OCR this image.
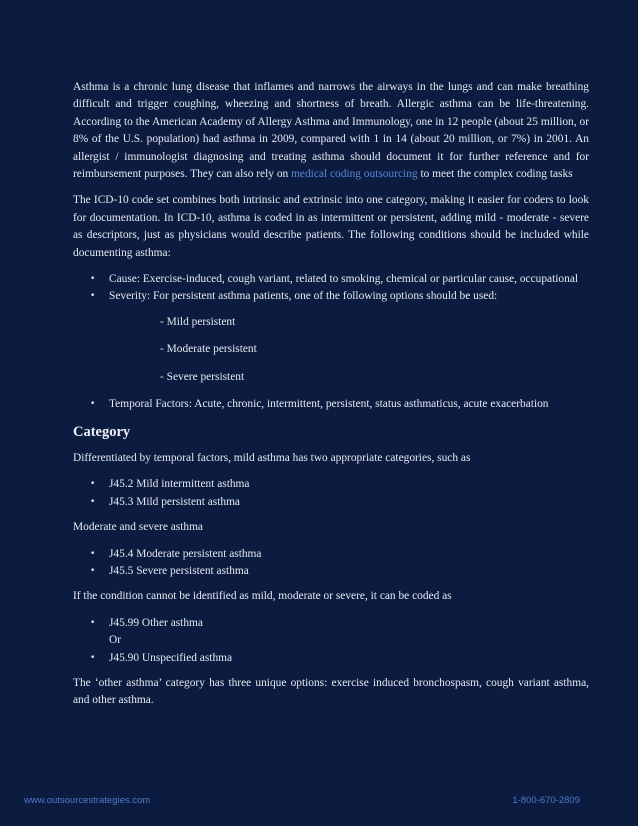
Asthma is a chronic lung disease that inflames and narrows the airways in the lungs and can make breathing difficult and trigger coughing, wheezing and shortness of breath. Allergic asthma can be life-threatening. According to the American Academy of Allergy Asthma and Immunology, one in 12 people (about 25 million, or 8% of the U.S. population) had asthma in 2009, compared with 1 in 14 (about 20 million, or 7%) in 2001. An allergist / immunologist diagnosing and treating asthma should document it for further reference and for reimbursement purposes. They can also rely on medical coding outsourcing to meet the complex coding tasks

The ICD-10 code set combines both intrinsic and extrinsic into one category, making it easier for coders to look for documentation. In ICD-10, asthma is coded in as intermittent or persistent, adding mild - moderate - severe as descriptors, just as physicians would describe patients. The following conditions should be included while documenting asthma:

• Cause: Exercise-induced, cough variant, related to smoking, chemical or particular cause, occupational
• Severity: For persistent asthma patients, one of the following options should be used:
- Mild persistent
- Moderate persistent
- Severe persistent
• Temporal Factors: Acute, chronic, intermittent, persistent, status asthmaticus, acute exacerbation
Category

Differentiated by temporal factors, mild asthma has two appropriate categories, such as

• J45.2 Mild intermittent asthma
• J45.3 Mild persistent asthma

Moderate and severe asthma

• J45.4 Moderate persistent asthma
• J45.5 Severe persistent asthma

If the condition cannot be identified as mild, moderate or severe, it can be coded as

• J45.99 Other asthma
Or
• J45.90 Unspecified asthma

The ‘other asthma’ category has three unique options: exercise induced bronchospasm, cough variant asthma, and other asthma.

www.outsourcestrategies.com	1-800-670-2809
